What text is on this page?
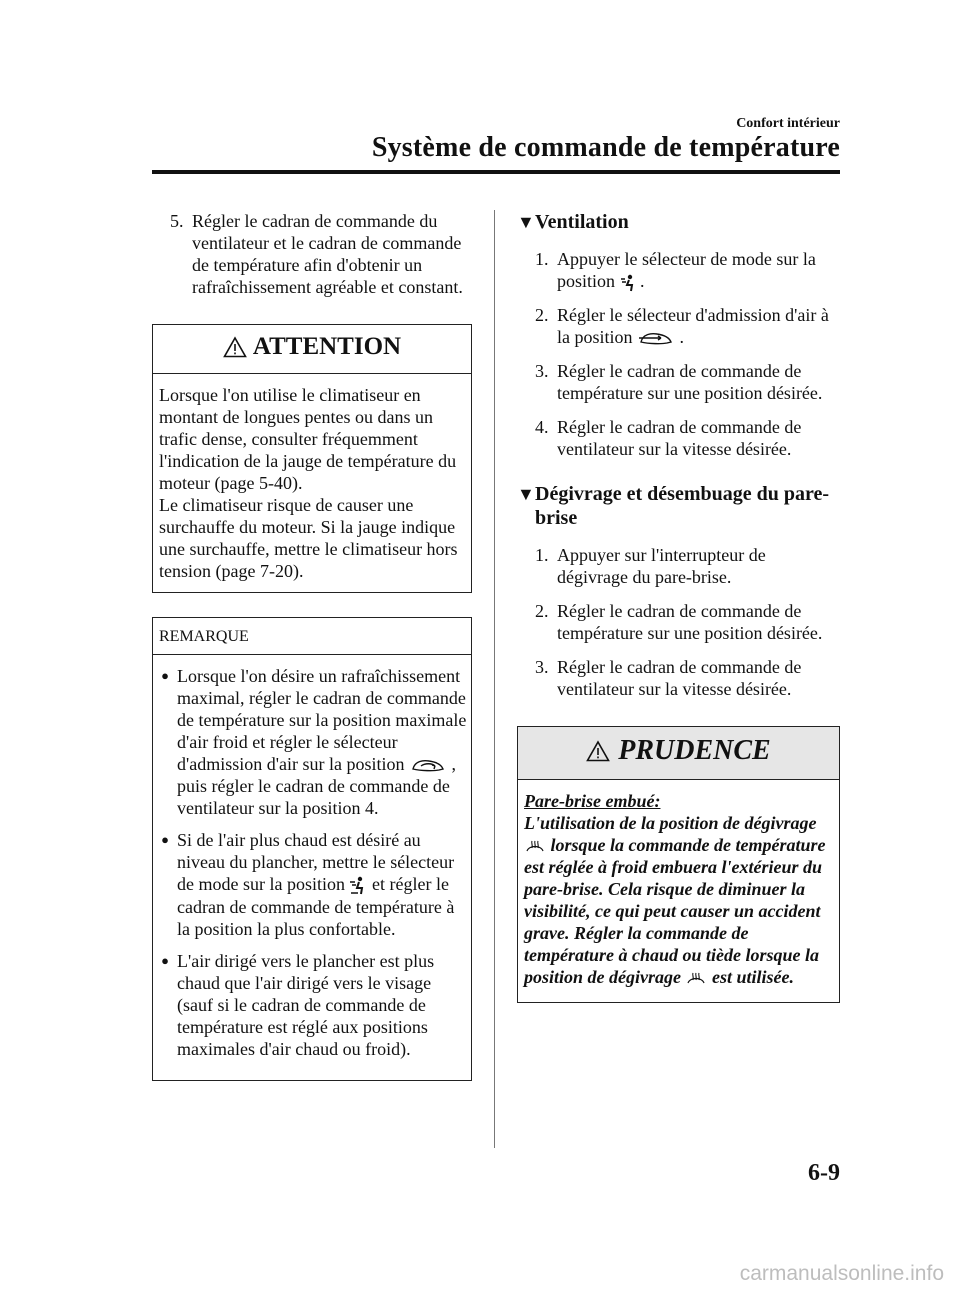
Confort intérieur
Système de commande de température

5. Régler le cadran de commande du ventilateur et le cadran de commande de température afin d'obtenir un rafraîchissement agréable et constant.

ATTENTION
Lorsque l'on utilise le climatiseur en montant de longues pentes ou dans un trafic dense, consulter fréquemment l'indication de la jauge de température du moteur (page 5-40).
Le climatiseur risque de causer une surchauffe du moteur. Si la jauge indique une surchauffe, mettre le climatiseur hors tension (page 7-20).
REMARQUE
● Lorsque l'on désire un rafraîchissement maximal, régler le cadran de commande de température sur la position maximale d'air froid et régler le sélecteur d'admission d'air sur la position	, puis régler le cadran de commande de ventilateur sur la position 4.
● Si de l'air plus chaud est désiré au niveau du plancher, mettre le sélecteur de mode sur la position et régler le cadran de commande de température à la position la plus confortable.
● L'air dirigé vers le plancher est plus chaud que l'air dirigé vers le visage (sauf si le cadran de commande de température est réglé aux positions maximales d'air chaud ou froid).
▼ Ventilation

1. Appuyer le sélecteur de mode sur la position .

2. Régler le sélecteur d'admission d'air à la position	.

3. Régler le cadran de commande de température sur une position désirée.

4. Régler le cadran de commande de ventilateur sur la vitesse désirée.

▼ Dégivrage et désembuage du pare-brise

1. Appuyer sur l'interrupteur de dégivrage du pare-brise.

2. Régler le cadran de commande de température sur une position désirée.

3. Régler le cadran de commande de ventilateur sur la vitesse désirée.

PRUDENCE
Pare-brise embué:
L'utilisation de la position de dégivrage  lorsque la commande de température est réglée à froid embuera l'extérieur du pare-brise. Cela risque de diminuer la visibilité, ce qui peut causer un accident grave. Régler la commande de température à chaud ou tiède lorsque la position de dégivrage est utilisée.
6-9
carmanualsonline.info
